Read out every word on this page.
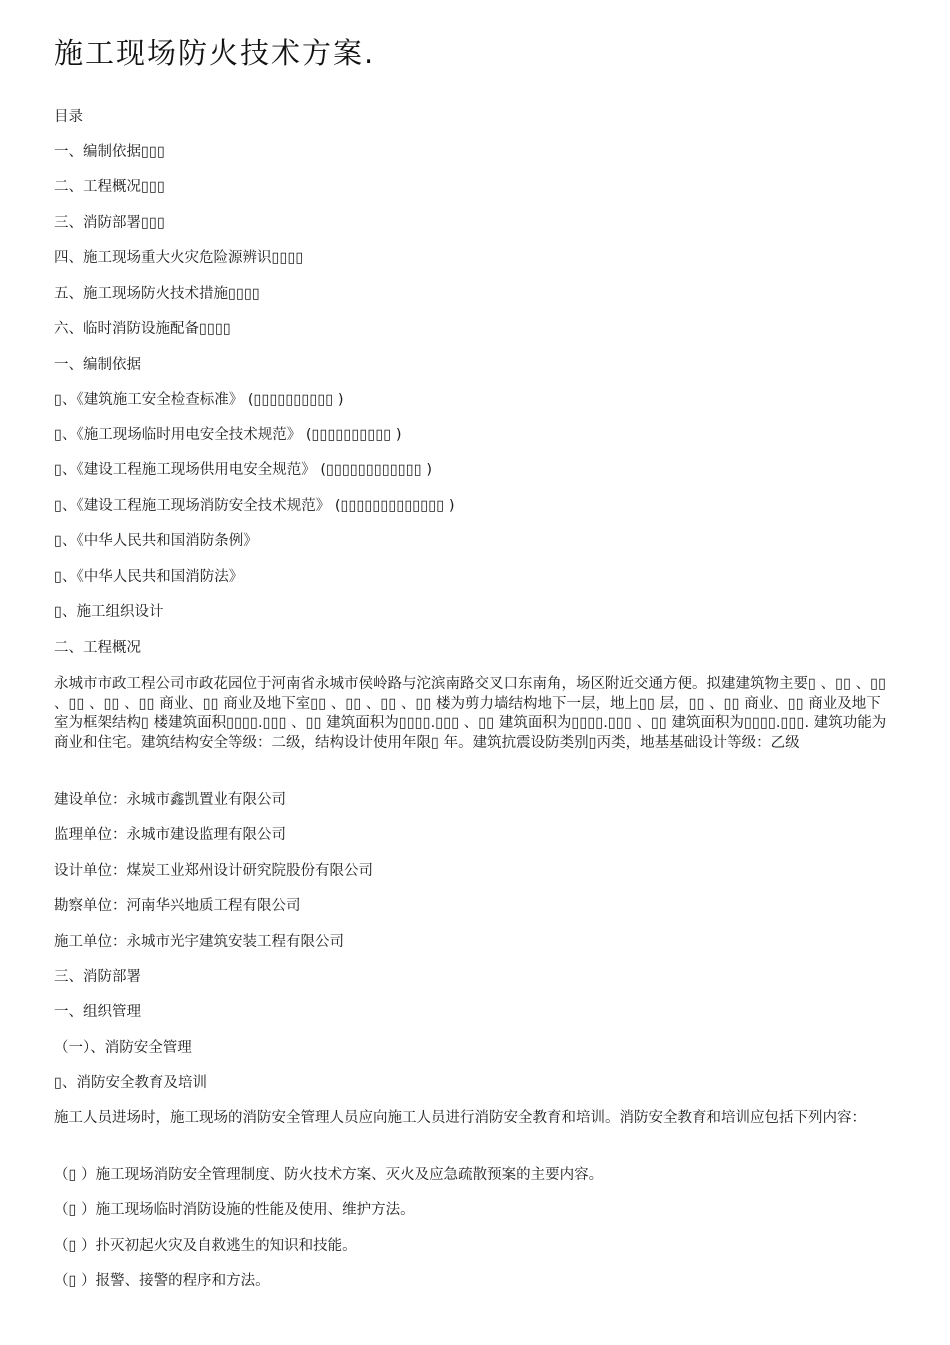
施工现场防火技术方案.
目录
一、编制依据▯▯▯
二、工程概况▯▯▯
三、消防部署▯▯▯
四、施工现场重大火灾危险源辨识▯▯▯▯
五、施工现场防火技术措施▯▯▯▯
六、临时消防设施配备▯▯▯▯
一、编制依据
▯、《建筑施工安全检查标准》 (▯▯▯▯▯▯▯▯▯▯ )
▯、《施工现场临时用电安全技术规范》 (▯▯▯▯▯▯▯▯▯▯ )
▯、《建设工程施工现场供用电安全规范》 (▯▯▯▯▯▯▯▯▯▯▯▯ )
▯、《建设工程施工现场消防安全技术规范》 (▯▯▯▯▯▯▯▯▯▯▯▯▯ )
▯、《中华人民共和国消防条例》
▯、《中华人民共和国消防法》
▯、施工组织设计
二、工程概况
永城市市政工程公司市政花园位于河南省永城市侯岭路与沱滨南路交叉口东南角，场区附近交通方便。拟建建筑物主要▯ 、▯▯ 、▯▯ 、▯▯ 、▯▯ 、▯▯ 商业、▯▯ 商业及地下室▯▯ 、▯▯ 、▯▯ 、▯▯ 楼为剪力墙结构地下一层，地上▯▯ 层，▯▯ 、▯▯ 商业、▯▯ 商业及地下室为框架结构▯ 楼建筑面积▯▯▯▯.▯▯▯ 、▯▯ 建筑面积为▯▯▯▯.▯▯▯ 、▯▯ 建筑面积为▯▯▯▯.▯▯▯ 、▯▯ 建筑面积为▯▯▯▯.▯▯▯. 建筑功能为商业和住宅。建筑结构安全等级：二级，结构设计使用年限▯ 年。建筑抗震设防类别▯丙类，地基基础设计等级：乙级
建设单位：永城市鑫凯置业有限公司
监理单位：永城市建设监理有限公司
设计单位：煤炭工业郑州设计研究院股份有限公司
勘察单位：河南华兴地质工程有限公司
施工单位：永城市光宇建筑安装工程有限公司
三、消防部署
一、组织管理
（一）、消防安全管理
▯、消防安全教育及培训
施工人员进场时，施工现场的消防安全管理人员应向施工人员进行消防安全教育和培训。消防安全教育和培训应包括下列内容：
（▯ ）施工现场消防安全管理制度、防火技术方案、灭火及应急疏散预案的主要内容。
（▯ ）施工现场临时消防设施的性能及使用、维护方法。
（▯ ）扑灭初起火灾及自救逃生的知识和技能。
（▯ ）报警、接警的程序和方法。
